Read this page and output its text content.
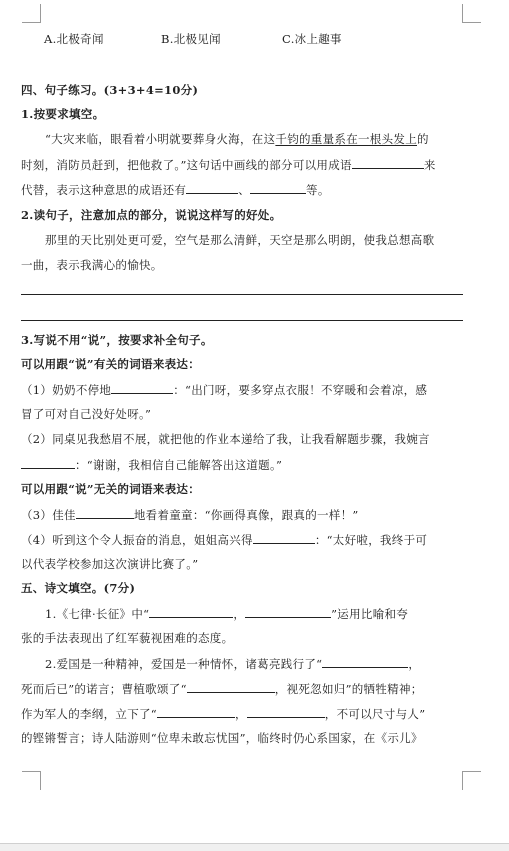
A.北极奇闻	B.北极见闻	C.冰上趣事
四、句子练习。(3+3+4=10分)
1.按要求填空。
“大灾来临，眼看着小明就要葬身火海，在这千钧的重量系在一根头发上的
时刻，消防员赶到，把他救了。”这句话中画线的部分可以用成语	来
代替，表示这种意思的成语还有	、	等。
2.读句子，注意加点的部分，说说这样写的好处。
那里的天比别处更可爱，空气是那么清鲜，天空是那么明朗，使我总想高歌
一曲，表示我满心的愉快。
3.写说不用“说”，按要求补全句子。
可以用跟“说”有关的词语来表达：
（1）奶奶不停地	：“出门呀，要多穿点衣服！不穿暖和会着凉，感
冒了可对自己没好处呀。”
（2）同桌见我愁眉不展，就把他的作业本递给了我，让我看解题步骤，我婉言
：“谢谢，我相信自己能解答出这道题。”
可以用跟“说”无关的词语来表达：
（3）佳佳	地看着童童：“你画得真像，跟真的一样！”
（4）听到这个令人振奋的消息，姐姐高兴得	：“太好啦，我终于可
以代表学校参加这次演讲比赛了。”
五、诗文填空。(7分)
1.《七律·长征》中“	，	”运用比喻和夸
张的手法表现出了红军藐视困难的态度。
2.爱国是一种精神，爱国是一种情怀，诸葛亮践行了“	，
死而后已”的诺言；曹植歌颂了“	，视死忽如归”的牺牲精神；
作为军人的李纲，立下了“	，	，不可以尺寸与人”
的铿锵誓言；诗人陆游则“位卑未敢忘忧国”，临终时仍心系国家，在《示儿》
